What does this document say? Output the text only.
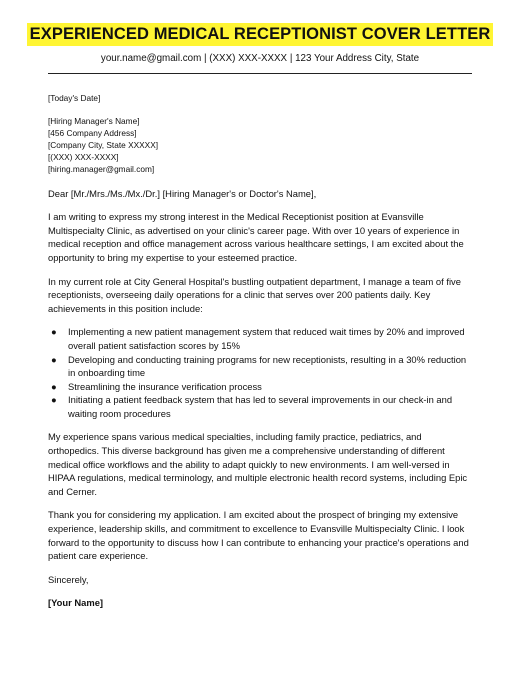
EXPERIENCED MEDICAL RECEPTIONIST COVER LETTER
your.name@gmail.com | (XXX) XXX-XXXX | 123 Your Address City, State

[Today's Date]

[Hiring Manager's Name]

[456 Company Address]

[Company City, State XXXXX]

[(XXX) XXX-XXXX]

[hiring.manager@gmail.com]

Dear [Mr./Mrs./Ms./Mx./Dr.] [Hiring Manager's or Doctor's Name],

I am writing to express my strong interest in the Medical Receptionist position at Evansville Multispecialty Clinic, as advertised on your clinic's career page. With over 10 years of experience in medical reception and office management across various healthcare settings, I am excited about the opportunity to bring my expertise to your esteemed practice.

In my current role at City General Hospital's bustling outpatient department, I manage a team of five receptionists, overseeing daily operations for a clinic that serves over 200 patients daily. Key achievements in this position include:

● Implementing a new patient management system that reduced wait times by 20% and improved overall patient satisfaction scores by 15%
● Developing and conducting training programs for new receptionists, resulting in a 30% reduction in onboarding time
● Streamlining the insurance verification process
● Initiating a patient feedback system that has led to several improvements in our check-in and waiting room procedures

My experience spans various medical specialties, including family practice, pediatrics, and orthopedics. This diverse background has given me a comprehensive understanding of different medical office workflows and the ability to adapt quickly to new environments. I am well-versed in HIPAA regulations, medical terminology, and multiple electronic health record systems, including Epic and Cerner.

Thank you for considering my application. I am excited about the prospect of bringing my extensive experience, leadership skills, and commitment to excellence to Evansville Multispecialty Clinic. I look forward to the opportunity to discuss how I can contribute to enhancing your practice's operations and patient care experience.

Sincerely,

[Your Name]
